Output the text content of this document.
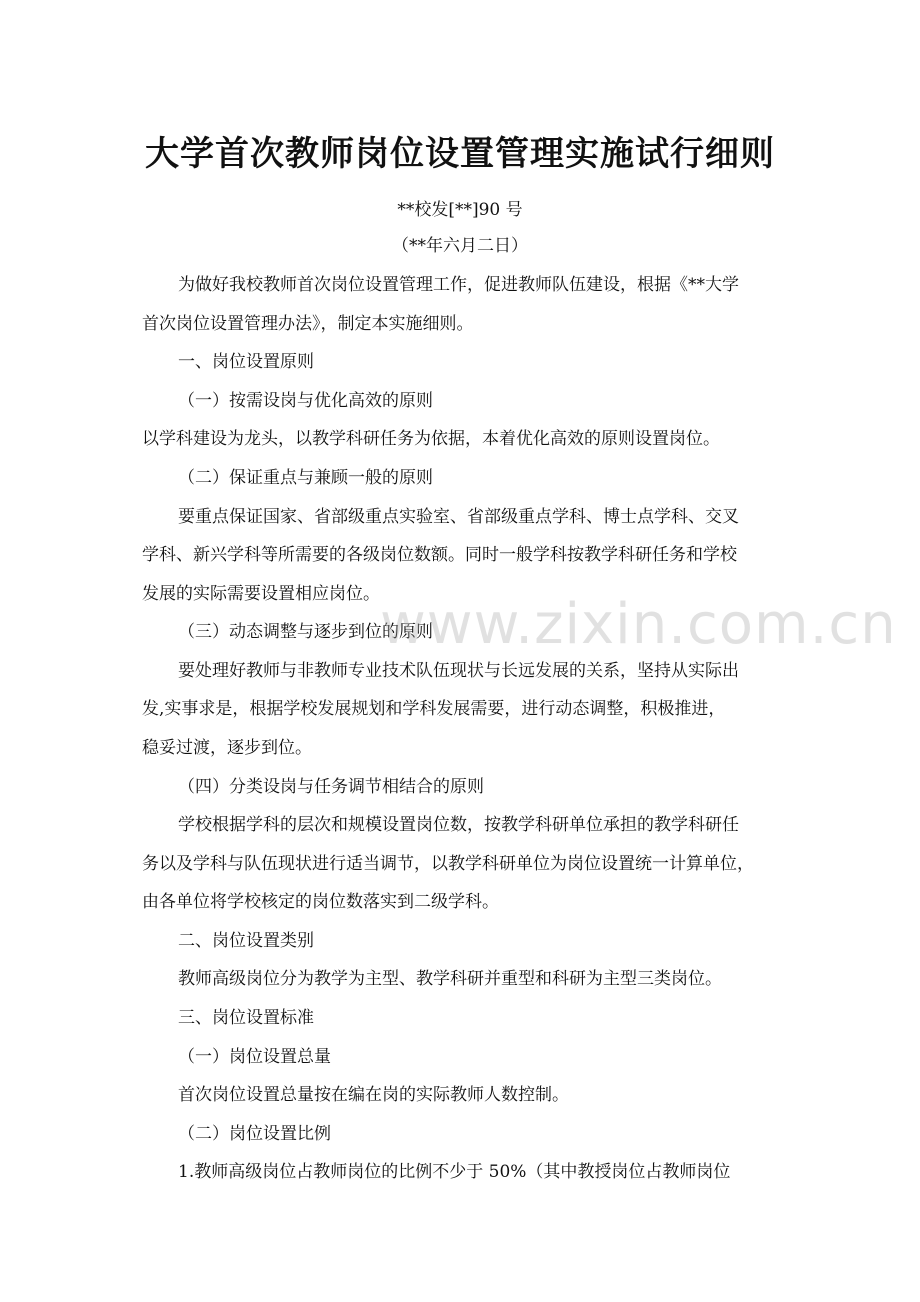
大学首次教师岗位设置管理实施试行细则
**校发[**]90 号
（**年六月二日）
为做好我校教师首次岗位设置管理工作，促进教师队伍建设，根据《**大学
首次岗位设置管理办法》，制定本实施细则。
一、岗位设置原则
（一）按需设岗与优化高效的原则
以学科建设为龙头，以教学科研任务为依据，本着优化高效的原则设置岗位。
（二）保证重点与兼顾一般的原则
要重点保证国家、省部级重点实验室、省部级重点学科、博士点学科、交叉
学科、新兴学科等所需要的各级岗位数额。同时一般学科按教学科研任务和学校
发展的实际需要设置相应岗位。
（三）动态调整与逐步到位的原则
要处理好教师与非教师专业技术队伍现状与长远发展的关系，坚持从实际出
发,实事求是，根据学校发展规划和学科发展需要，进行动态调整，积极推进，
稳妥过渡，逐步到位。
（四）分类设岗与任务调节相结合的原则
学校根据学科的层次和规模设置岗位数，按教学科研单位承担的教学科研任
务以及学科与队伍现状进行适当调节，以教学科研单位为岗位设置统一计算单位，
由各单位将学校核定的岗位数落实到二级学科。
二、岗位设置类别
教师高级岗位分为教学为主型、教学科研并重型和科研为主型三类岗位。
三、岗位设置标准
（一）岗位设置总量
首次岗位设置总量按在编在岗的实际教师人数控制。
（二）岗位设置比例
1.教师高级岗位占教师岗位的比例不少于 50%（其中教授岗位占教师岗位
www.zixin.com.cn
